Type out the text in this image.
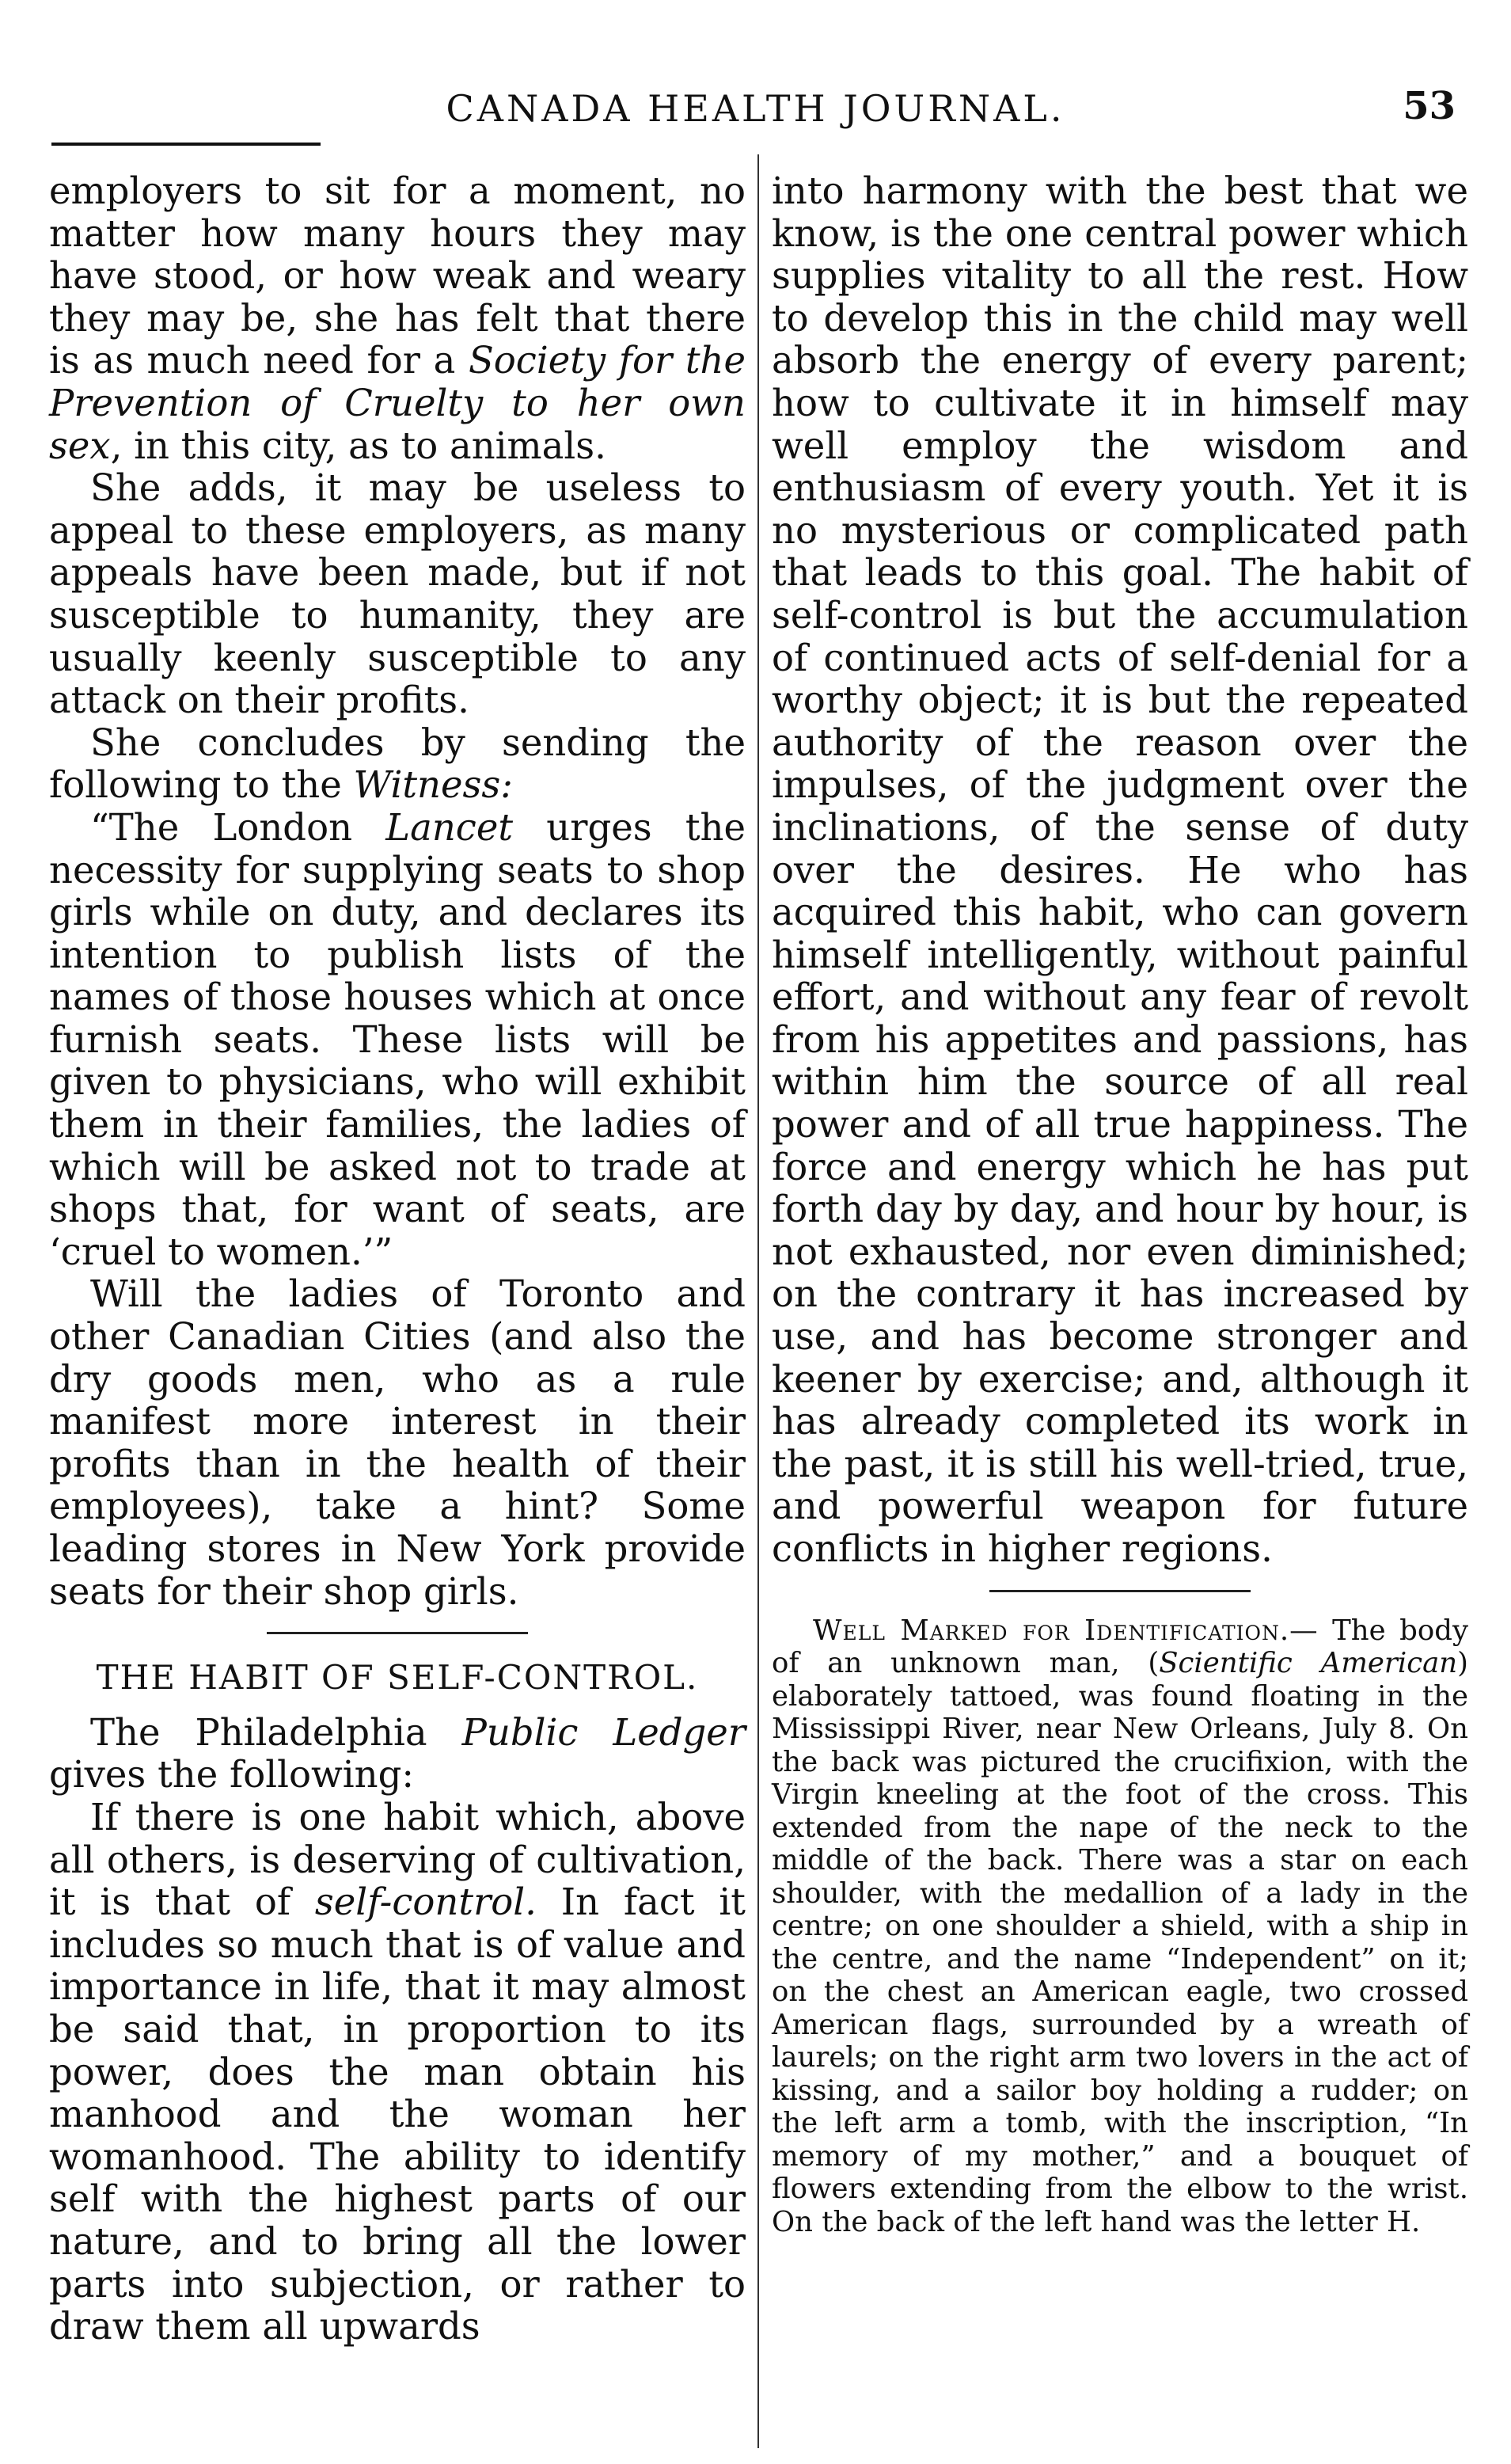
CANADA HEALTH JOURNAL.	53

employers to sit for a moment, no matter how many hours they may have stood, or how weak and weary they may be, she has felt that there is as much need for a Society for the Prevention of Cruelty to her own sex, in this city, as to animals.

She adds, it may be useless to appeal to these employers, as many appeals have been made, but if not susceptible to humanity, they are usually keenly susceptible to any attack on their profits.

She concludes by sending the following to the Witness:

“The London Lancet urges the necessity for supplying seats to shop girls while on duty, and declares its intention to publish lists of the names of those houses which at once furnish seats. These lists will be given to physicians, who will exhibit them in their families, the ladies of which will be asked not to trade at shops that, for want of seats, are ‘cruel to women.’”

Will the ladies of Toronto and other Canadian Cities (and also the dry goods men, who as a rule manifest more interest in their profits than in the health of their employees), take a hint? Some leading stores in New York provide seats for their shop girls.

THE HABIT OF SELF-CONTROL.

The Philadelphia Public Ledger gives the following:

If there is one habit which, above all others, is deserving of cultivation, it is that of self-control. In fact it includes so much that is of value and importance in life, that it may almost be said that, in proportion to its power, does the man obtain his manhood and the woman her womanhood. The ability to identify self with the highest parts of our nature, and to bring all the lower parts into subjection, or rather to draw them all upwards

into harmony with the best that we know, is the one central power which supplies vitality to all the rest. How to develop this in the child may well absorb the energy of every parent; how to cultivate it in himself may well employ the wisdom and enthusiasm of every youth. Yet it is no mysterious or complicated path that leads to this goal. The habit of self-control is but the accumulation of continued acts of self-denial for a worthy object; it is but the repeated authority of the reason over the impulses, of the judgment over the inclinations, of the sense of duty over the desires. He who has acquired this habit, who can govern himself intelligently, without painful effort, and without any fear of revolt from his appetites and passions, has within him the source of all real power and of all true happiness. The force and energy which he has put forth day by day, and hour by hour, is not exhausted, nor even diminished; on the contrary it has increased by use, and has become stronger and keener by exercise; and, although it has already completed its work in the past, it is still his well-tried, true, and powerful weapon for future conflicts in higher regions.

Well Marked for Identification.— The body of an unknown man, (Scientific American) elaborately tattoed, was found floating in the Mississippi River, near New Orleans, July 8. On the back was pictured the crucifixion, with the Virgin kneeling at the foot of the cross. This extended from the nape of the neck to the middle of the back. There was a star on each shoulder, with the medallion of a lady in the centre; on one shoulder a shield, with a ship in the centre, and the name “Independent” on it; on the chest an American eagle, two crossed American flags, surrounded by a wreath of laurels; on the right arm two lovers in the act of kissing, and a sailor boy holding a rudder; on the left arm a tomb, with the inscription, “In memory of my mother,” and a bouquet of flowers extending from the elbow to the wrist. On the back of the left hand was the letter H.
